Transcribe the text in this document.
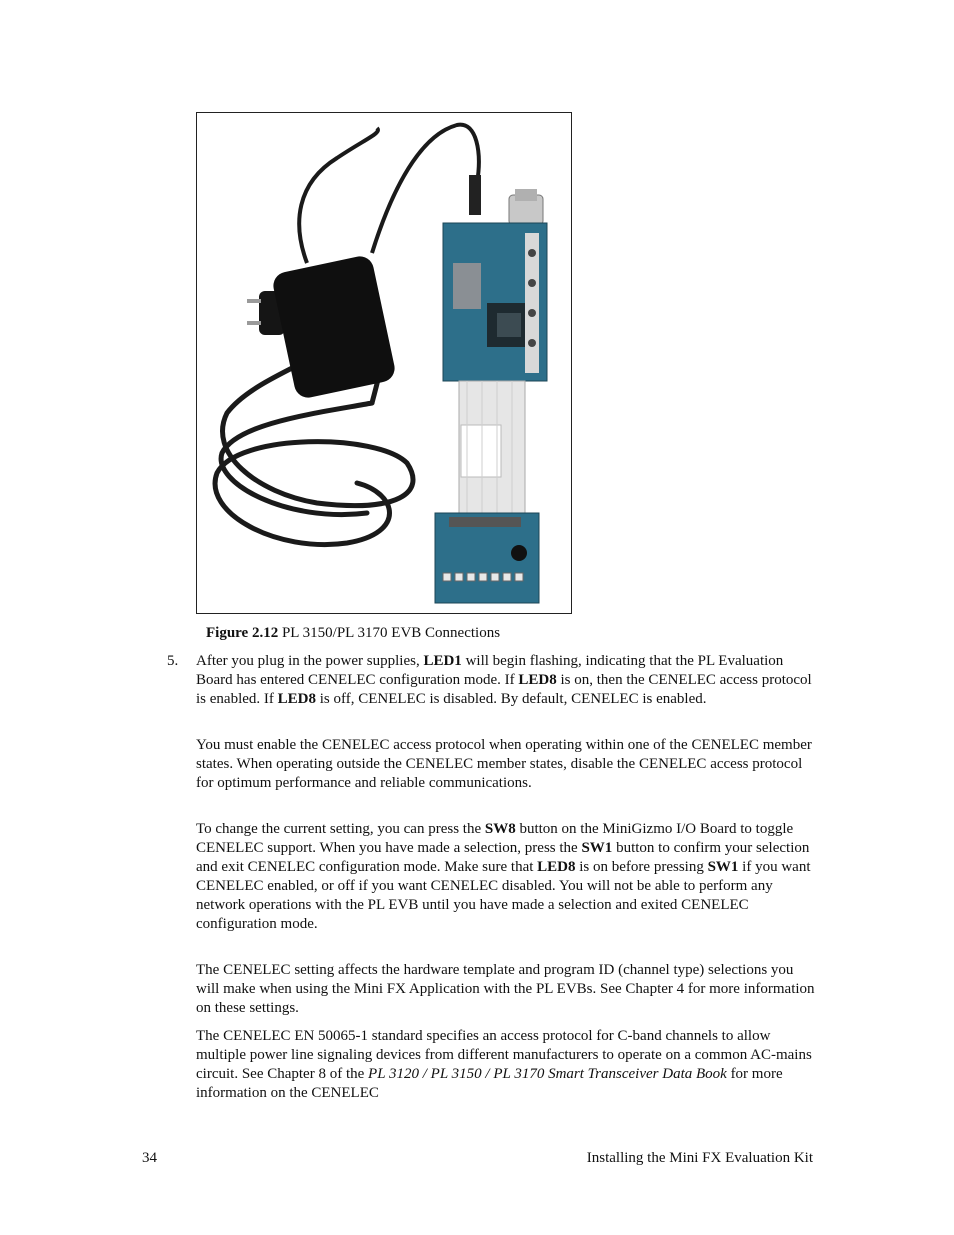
Figure 2.12 PL 3150/PL 3170 EVB Connections
5. After you plug in the power supplies, LED1 will begin flashing, indicating that the PL Evaluation Board has entered CENELEC configuration mode. If LED8 is on, then the CENELEC access protocol is enabled. If LED8 is off, CENELEC is disabled. By default, CENELEC is enabled.

You must enable the CENELEC access protocol when operating within one of the CENELEC member states. When operating outside the CENELEC member states, disable the CENELEC access protocol for optimum performance and reliable communications.

To change the current setting, you can press the SW8 button on the MiniGizmo I/O Board to toggle CENELEC support. When you have made a selection, press the SW1 button to confirm your selection and exit CENELEC configuration mode. Make sure that LED8 is on before pressing SW1 if you want CENELEC enabled, or off if you want CENELEC disabled. You will not be able to perform any network operations with the PL EVB until you have made a selection and exited CENELEC configuration mode.

The CENELEC setting affects the hardware template and program ID (channel type) selections you will make when using the Mini FX Application with the PL EVBs. See Chapter 4 for more information on these settings.

The CENELEC EN 50065-1 standard specifies an access protocol for C-band channels to allow multiple power line signaling devices from different manufacturers to operate on a common AC-mains circuit. See Chapter 8 of the PL 3120 / PL 3150 / PL 3170 Smart Transceiver Data Book for more information on the CENELEC

34	Installing the Mini FX Evaluation Kit
